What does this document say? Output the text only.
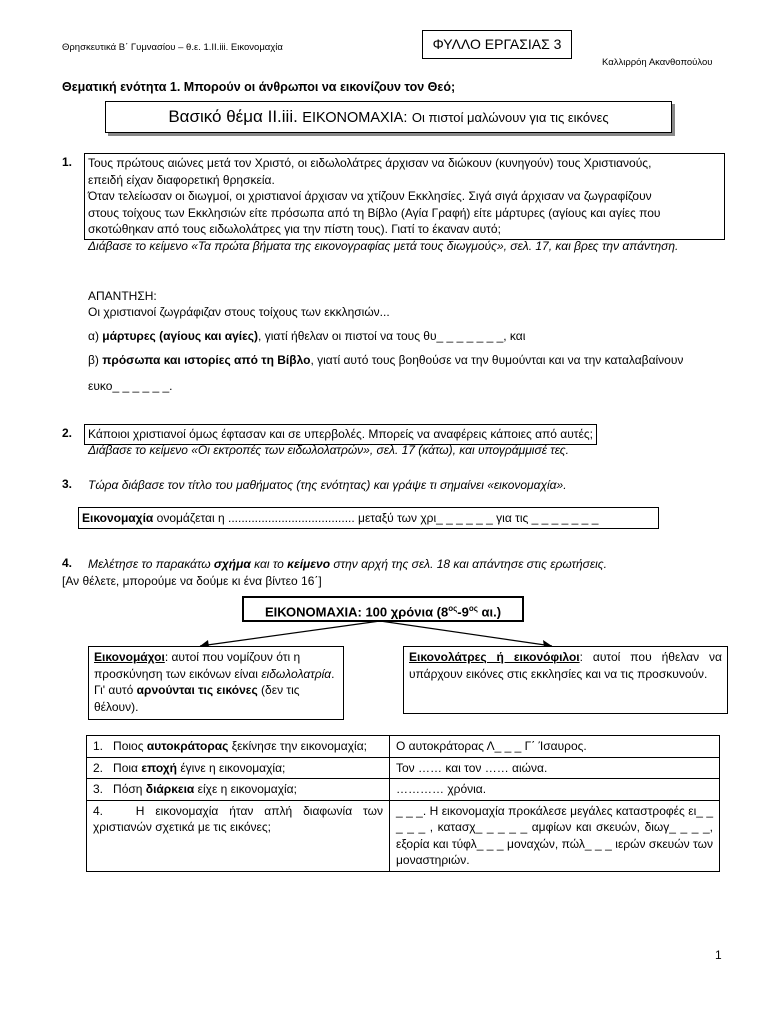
Θρησκευτικά Β΄ Γυμνασίου – θ.ε. 1.ΙΙ.iii. Εικονομαχία	ΦΥΛΛΟ ΕΡΓΑΣΙΑΣ 3
Καλλιρρόη Ακανθοπούλου
Θεματική ενότητα 1. Μπορούν οι άνθρωποι να εικονίζουν τον Θεό;
Βασικό θέμα ΙΙ.iii. ΕΙΚΟΝΟΜΑΧΙΑ: Οι πιστοί μαλώνουν για τις εικόνες
1. Τους πρώτους αιώνες μετά τον Χριστό, οι ειδωλολάτρες άρχισαν να διώκουν (κυνηγούν) τους Χριστιανούς,
επειδή είχαν διαφορετική θρησκεία.
Όταν τελείωσαν οι διωγμοί, οι χριστιανοί άρχισαν να χτίζουν Εκκλησίες. Σιγά σιγά άρχισαν να ζωγραφίζουν
στους τοίχους των Εκκλησιών είτε πρόσωπα από τη Βίβλο (Αγία Γραφή) είτε μάρτυρες (αγίους και αγίες που
σκοτώθηκαν από τους ειδωλολάτρες για την πίστη τους). Γιατί το έκαναν αυτό;
Διάβασε το κείμενο «Τα πρώτα βήματα της εικονογραφίας μετά τους διωγμούς», σελ. 17, και βρες την απάντηση.
ΑΠΑΝΤΗΣΗ:
Οι χριστιανοί ζωγράφιζαν στους τοίχους των εκκλησιών...
α) μάρτυρες (αγίους και αγίες), γιατί ήθελαν οι πιστοί να τους θυ_ _ _ _ _ _ _, και
β) πρόσωπα και ιστορίες από τη Βίβλο, γιατί αυτό τους βοηθούσε να την θυμούνται και να την καταλαβαίνουν
ευκο_ _ _ _ _ _.
2.	Κάποιοι χριστιανοί όμως έφτασαν και σε υπερβολές. Μπορείς να αναφέρεις κάποιες από αυτές;
Διάβασε το κείμενο «Οι εκτροπές των ειδωλολατρών», σελ. 17 (κάτω), και υπογράμμισέ τες.
3. Τώρα διάβασε τον τίτλο του μαθήματος (της ενότητας) και γράψε τι σημαίνει «εικονομαχία».
Εικονομαχία ονομάζεται η ...................................... μεταξύ των χρι_ _ _ _ _ _ για τις _ _ _ _ _ _ _
4. Μελέτησε το παρακάτω σχήμα και το κείμενο στην αρχή της σελ. 18 και απάντησε στις ερωτήσεις.
[Αν θέλετε, μπορούμε να δούμε κι ένα βίντεο 16΄]
ΕΙΚΟΝΟΜΑΧΙΑ: 100 χρόνια ($8^{o\varsigma}-9^{o\varsigma}$ αι.)
Εικονομάχοι: αυτοί που νομίζουν ότι η προσκύνηση των εικόνων είναι ειδωλολατρία. Γι' αυτό αρνούνται τις εικόνες (δεν τις θέλουν).
Εικονολάτρες ή εικονόφιλοι: αυτοί που ήθελαν να υπάρχουν εικόνες στις εκκλησίες και να τις προσκυνούν.
1. Ποιος αυτοκράτορας ξεκίνησε την εικονομαχία;	Ο αυτοκράτορας Λ_ _ _ Γ΄ Ίσαυρος.
2. Ποια εποχή έγινε η εικονομαχία;	Τον …… και τον …… αιώνα.
3. Πόση διάρκεια είχε η εικονομαχία;	………… χρόνια.
4. Η εικονομαχία ήταν απλή διαφωνία των χριστιανών σχετικά με τις εικόνες;	_ _ _. Η εικονομαχία προκάλεσε μεγάλες καταστροφές ει_ _ _ _ _ , κατασχ_ _ _ _ _ αμφίων και σκευών, διωγ_ _ _ _, εξορία και τύφλ_ _ _ μοναχών, πώλ_ _ _ ιερών σκευών των μοναστηριών.
1
